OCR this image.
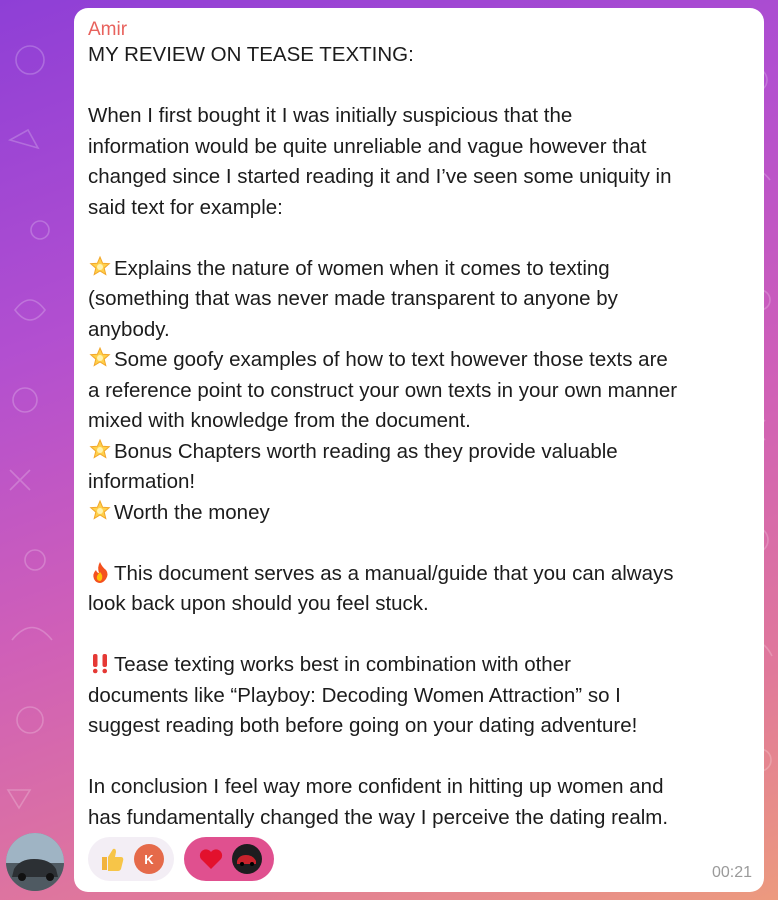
Amir

MY REVIEW ON TEASE TEXTING:

When I first bought it I was initially suspicious that the

information would be quite unreliable and vague however that

changed since I started reading it and I’ve seen some uniquity in

said text for example:

Explains the nature of women when it comes to texting

(something that was never made transparent to anyone by

anybody.

Some goofy examples of how to text however those texts are

a reference point to construct your own texts in your own manner

mixed with knowledge from the document.

Bonus Chapters worth reading as they provide valuable

information!

Worth the money

This document serves as a manual/guide that you can always

look back upon should you feel stuck.

Tease texting works best in combination with other

documents like “Playboy: Decoding Women Attraction” so I

suggest reading both before going on your dating adventure!

In conclusion I feel way more confident in hitting up women and

has fundamentally changed the way I perceive the dating realm.

K
00:21
